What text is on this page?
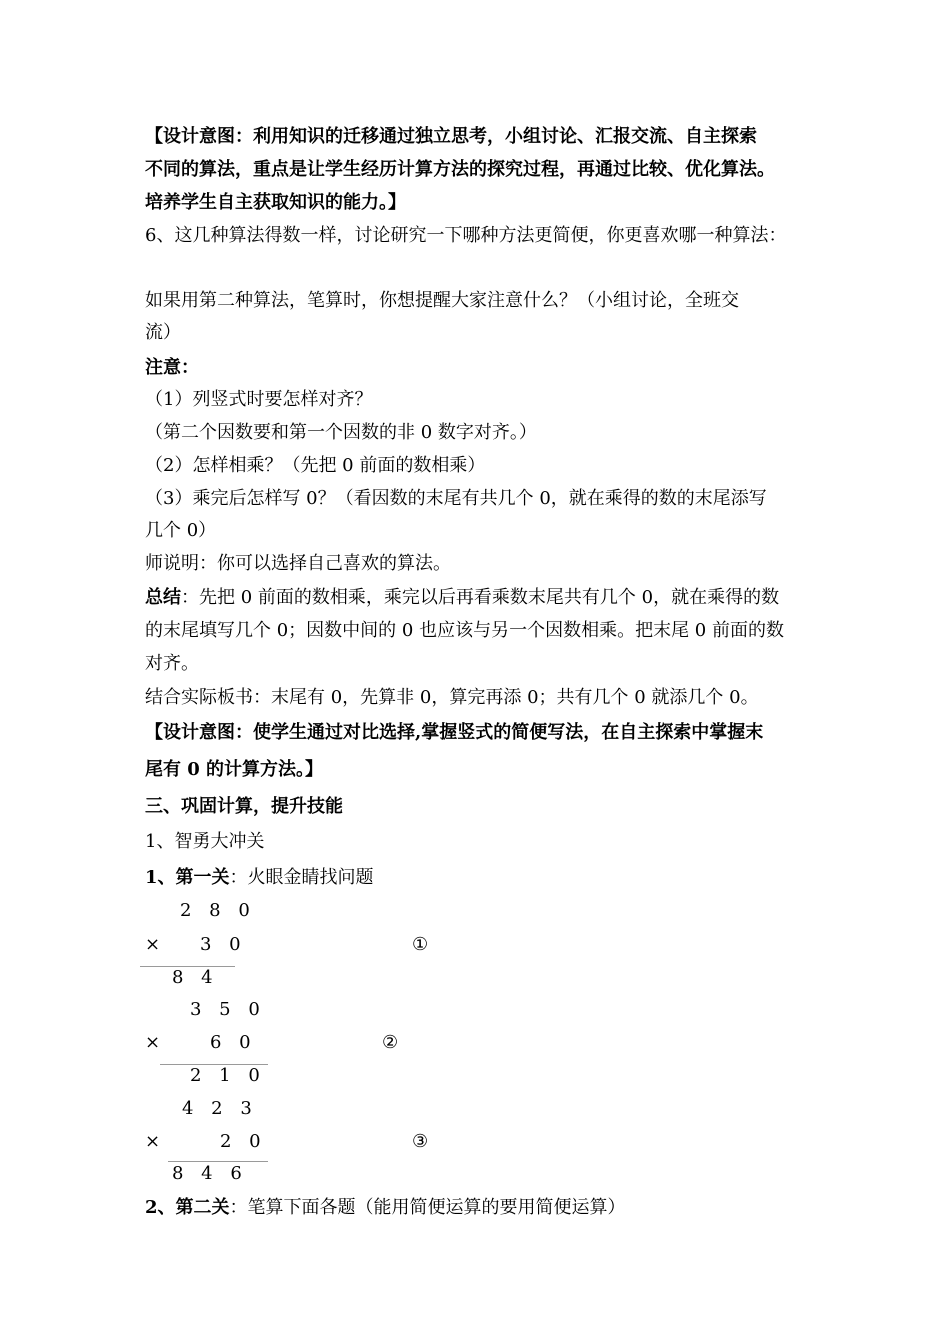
【设计意图：利用知识的迁移通过独立思考，小组讨论、汇报交流、自主探索
不同的算法，重点是让学生经历计算方法的探究过程，再通过比较、优化算法。
培养学生自主获取知识的能力。】
6、这几种算法得数一样，讨论研究一下哪种方法更简便，你更喜欢哪一种算法：
如果用第二种算法，笔算时，你想提醒大家注意什么？（小组讨论，全班交
流）
注意：
（1）列竖式时要怎样对齐？
（第二个因数要和第一个因数的非 0 数字对齐。）
（2）怎样相乘？（先把 0 前面的数相乘）
（3）乘完后怎样写 0？（看因数的末尾有共几个 0，就在乘得的数的末尾添写
几个 0）
师说明：你可以选择自己喜欢的算法。
总结：先把 0 前面的数相乘，乘完以后再看乘数末尾共有几个 0，就在乘得的数
的末尾填写几个 0；因数中间的 0 也应该与另一个因数相乘。把末尾 0 前面的数
对齐。
结合实际板书：末尾有 0，先算非 0，算完再添 0；共有几个 0 就添几个 0。
【设计意图：使学生通过对比选择,掌握竖式的简便写法，在自主探索中掌握末
尾有 0 的计算方法。】
三、巩固计算，提升技能
1、智勇大冲关
1、第一关：火眼金睛找问题
2 8 0
× 3 0	①
8 4
3 5 0
× 6 0	②
2 1 0
4 2 3
×	2 0	③
8 4 6
2、第二关：笔算下面各题（能用简便运算的要用简便运算）
